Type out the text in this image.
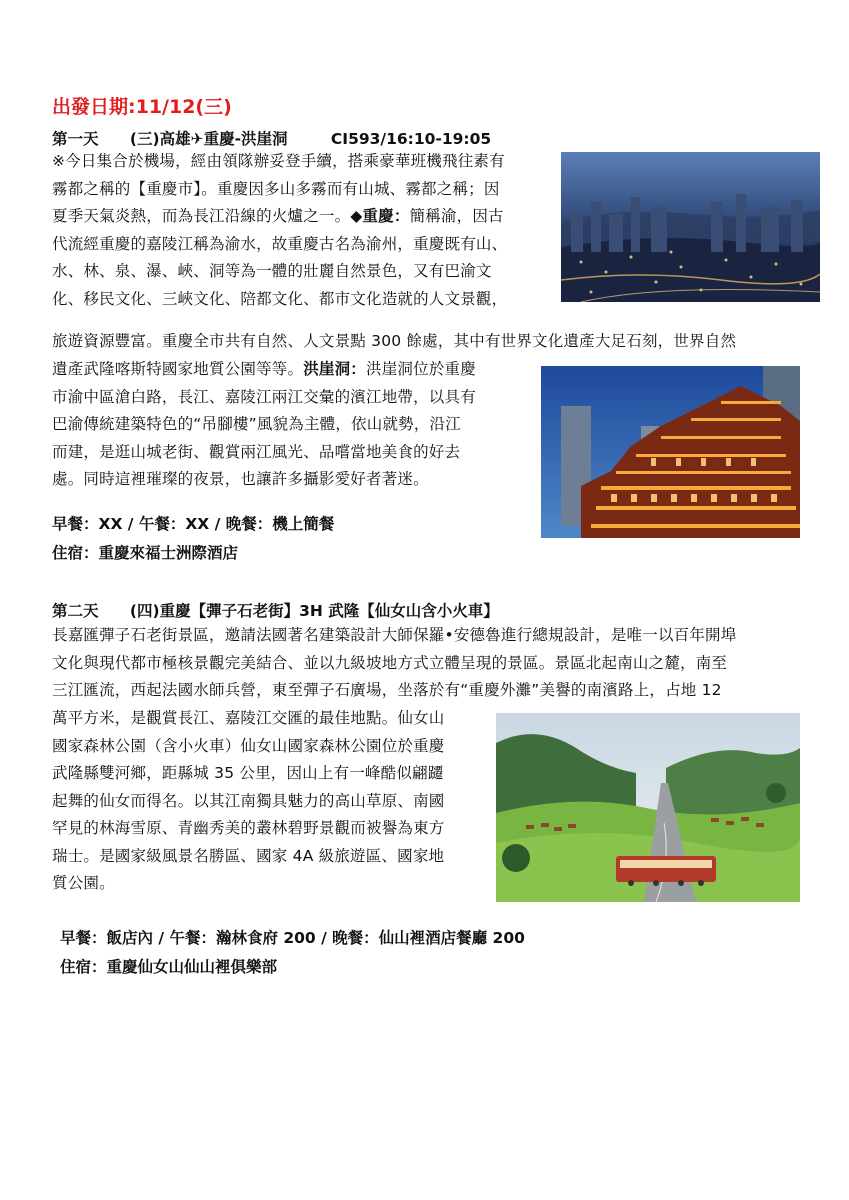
出發日期:11/12(三)
第一天 (三)高雄✈重慶-洪崖洞	CI593/16:10-19:05
※今日集合於機場，經由領隊辦妥登手續，搭乘豪華班機飛往素有
霧都之稱的【重慶市】。重慶因多山多霧而有山城、霧都之稱；因
夏季天氣炎熱，而為長江沿線的火爐之一。◆重慶：簡稱渝，因古
代流經重慶的嘉陵江稱為渝水，故重慶古名為渝州，重慶既有山、
水、林、泉、瀑、峽、洞等為一體的壯麗自然景色，又有巴渝文
化、移民文化、三峽文化、陪都文化、都市文化造就的人文景觀，
旅遊資源豐富。重慶全市共有自然、人文景點 300 餘處，其中有世界文化遺產大足石刻，世界自然
遺產武隆喀斯特國家地質公園等等。洪崖洞：洪崖洞位於重慶
市渝中區滄白路，長江、嘉陵江兩江交彙的濱江地帶，以具有
巴渝傳統建築特色的“吊腳樓”風貌為主體，依山就勢，沿江
而建，是逛山城老街、觀賞兩江風光、品嚐當地美食的好去
處。同時這裡璀璨的夜景，也讓許多攝影愛好者著迷。
早餐：XX / 午餐：XX / 晚餐：機上簡餐
住宿：重慶來福士洲際酒店
第二天 (四)重慶【彈子石老街】3H 武隆【仙女山含小火車】
長嘉匯彈子石老街景區，邀請法國著名建築設計大師保羅•安德魯進行總規設計，是唯一以百年開埠
文化與現代都市極核景觀完美結合、並以九級坡地方式立體呈現的景區。景區北起南山之麓，南至
三江匯流，西起法國水師兵營，東至彈子石廣場，坐落於有“重慶外灘”美譽的南濱路上，占地 12
萬平方米，是觀賞長江、嘉陵江交匯的最佳地點。仙女山
國家森林公園（含小火車）仙女山國家森林公園位於重慶
武隆縣雙河鄉，距縣城 35 公里，因山上有一峰酷似翩躚
起舞的仙女而得名。以其江南獨具魅力的高山草原、南國
罕見的林海雪原、青幽秀美的叢林碧野景觀而被譽為東方
瑞士。是國家級風景名勝區、國家 4A 級旅遊區、國家地
質公園。
早餐：飯店內 / 午餐：瀚林食府 200 / 晚餐：仙山裡酒店餐廳 200
住宿：重慶仙女山仙山裡俱樂部
